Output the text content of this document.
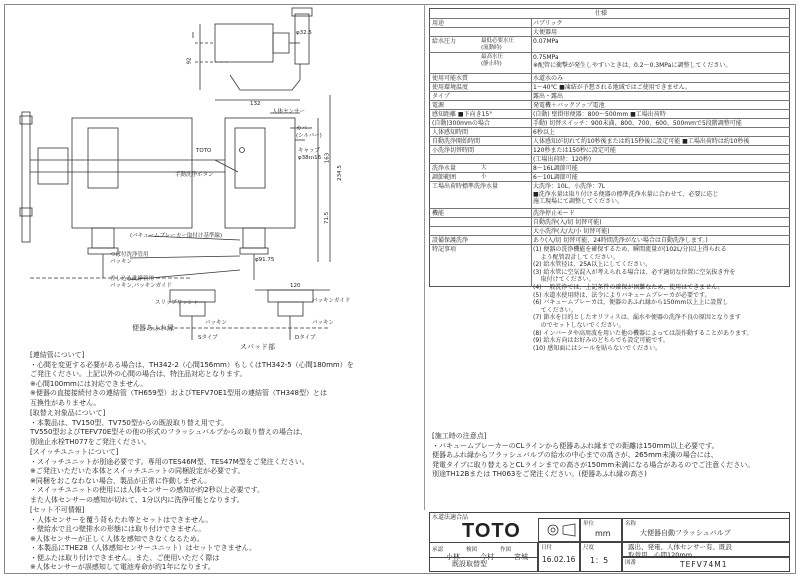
φ32.5
92
132
163
234.5
71.5
120
φ91.75
φ38ｍ16
人体センサー
カバー
(シルバー)
TOTO	キャップ
手動洗浄ボタン
(バキュームブレーカー取付け基準線)
つば付洗浄管用
パッキン
差し込み洗浄管用
パッキン,パッキンガイド
スリップワッシャー	パッキンガイド
パッキン	パッキン
Sタイプ	Dタイプ
便器あふれ縁
スパッド部
仕様
用途	パブリック
大便器用
給水圧力	最低必要水圧
(流動時)
0.07MPa
最高水圧
(静止時)
0.75MPa
※配管に衝撃が発生しやすいときは、0.2～0.3MPaに調整してください。
使用可能水質	水道水のみ
使用環境温度	1～40℃ ■凍結が予想される地域ではご使用できません。
タイプ	露出・露出
電源	発電機＋バックアップ電池
感知距離 ■下向き15°	(自動) 壁掛形便器：800～500mm ■工場出荷時
(自動)300mmの場合	手動) 切替スイッチ：900未満、800、700、600、500mmで5段階調整可能
人体感知時間	6秒以上
自動洗浄開始時間	人体感知が切れて約10秒後または約15秒後に設定可能 ■工場出荷時は約10秒後
小洗浄切替時間	120秒または150秒に設定可能
(工場出荷時：120秒)
洗浄水量	大	8～16L調節可能
調節範囲	小	6～10L調節可能
工場出荷時標準洗浄水量	大洗浄：10L、小洗浄：7L
■洗浄水量は取り付ける便器の標準洗浄水量に合わせて、必要に応じ
施工現場にて調整してください。
機能	洗浄停止モード
自動洗浄(入/切 切替可能)
大小洗浄(大/大/小 切替可能)
設備保護洗浄	あり(入/切 切替可能、24時間洗浄がない場合は自動洗浄します。)
特記事項	(1) 便器の洗浄機能を確保するため、瞬間流量が(102L/分)以上得られる
よう配管設計してください。
(2) 給水管径は、25A以上にしてください。
(3) 給水管に空気混入が考えられる場合は、必ず適切な位置に空気抜き弁を
取付けてください。
(4) 一般洗浄では、上記条件の確保が困難なため、使用はできません。
(5) 水道水使用時は、法令によりバキュームブレーカが必要です。
(6) バキュームブレーカは、便器のあふれ縁から150mm以上上に設置し
てください。
(7) 節水を目的としたオリフィスは、漏水や便器の洗浄不良の原因となります
のでセットしないでください。
(8) インバータや高周波を用いた他の機器によっては誤作動することがあります。
(9) 給水方向はお好みのどちらでも設定可能です。
(10) 感知面にはシールを貼らないでください。
[連結管について]
・心間を変更する必要がある場合は、TH342-2（心間156mm）もしくはTH342-5（心間180mm）を
ご発注ください。上記以外の心間の場合は、特注品対応となります。
※心間100mmには対応できません。
※便器の直接接続付きの連結管（TH659型）およびTEFV70E1型用の連結管（TH348型）とは
互換性がありません。
[取替え対象品について]
・本製品は、TV150型、TV750型からの既設取り替え用です。
TV550型およびTEFV70E型その他の形式のフラッシュバルブからの取り替えの場合は、
別途止水栓TH077をご発注ください。
[スイッチユニットについて]
・スイッチユニットが別途必要です。専用のTES46M型、TES47M型をご発注ください。
※ご発注いただいた本体とスイッチユニットの同梱設定が必要です。
※同梱をおこなわない場合、製品が正常に作動しません。
・スイッチユニットの使用には人体センサーの感知が約2秒以上必要です。
また人体センサーの感知が切れて、1分以内に洗浄可能となります。
[セット不可情報]
・人体センサーを覆う背もたれ等とセットはできません。
・壁給水で且つ壁排水の形態には取り付けできません。
※人体センサーが正しく人体を感知できなくなるため。
・本製品にTHE28（人体感知センサーユニット）はセットできません。
・便ふたは取り付けできません。また、ご使用いただく際は
※人体センサーが誤感知して電池寿命が約1年になります。
[施工時の注意点]
・バキュームブレーカーのCLラインから便器あふれ縁までの距離は150mm以上必要です。
便器あふれ縁からフラッシュバルブの給水の中心までの高さが、265mm未満の場合には、
発電タイプに取り替えるとCLラインまでの高さが150mm未満になる場合があるのでご注意ください。
別途TH12Bまたは TH063をご発注ください。(便器あふれ縁の高さ)
水道法適合品
TOTO	単位
mm
名称
大便器自動フラッシュバルブ
承認	検図	作図
小林	今村	宮城
日付
16.02.16
尺度
1：5
露出、発電、人体センサー有、既設
取替用、心間120mm
既設取替型	図番	TEFV74M1
